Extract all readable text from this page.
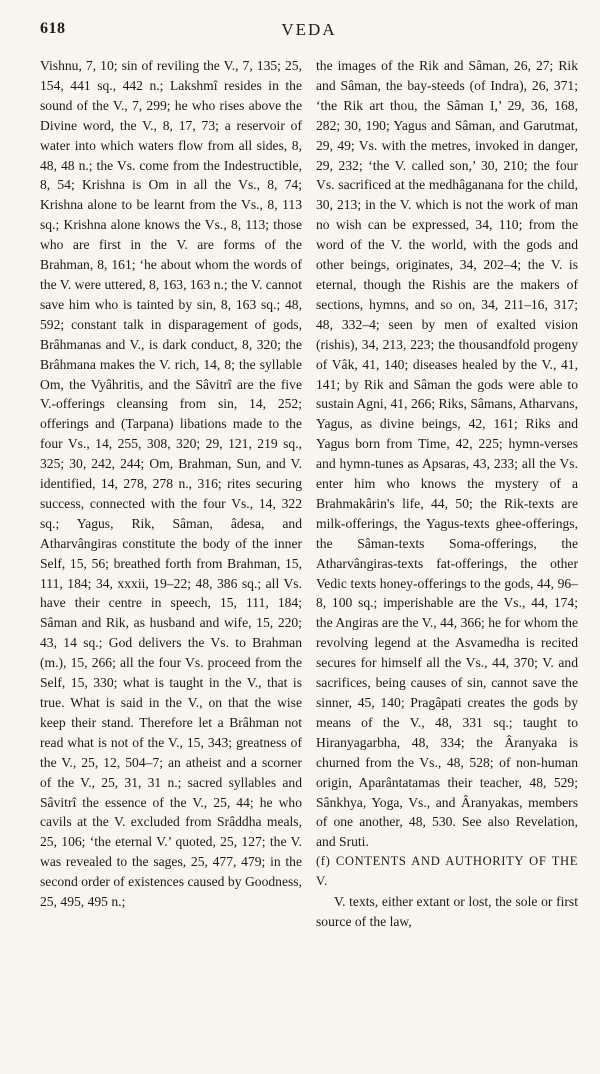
618	VEDA

Vishnu, 7, 10; sin of reviling the V., 7, 135; 25, 154, 441 sq., 442 n.; Lakshmî resides in the sound of the V., 7, 299; he who rises above the Divine word, the V., 8, 17, 73; a reservoir of water into which waters flow from all sides, 8, 48, 48 n.; the Vs. come from the Indestructible, 8, 54; Krishna is Om in all the Vs., 8, 74; Krishna alone to be learnt from the Vs., 8, 113 sq.; Krishna alone knows the Vs., 8, 113; those who are first in the V. are forms of the Brahman, 8, 161; ‘he about whom the words of the V. were uttered, 8, 163, 163 n.; the V. cannot save him who is tainted by sin, 8, 163 sq.; 48, 592; constant talk in disparagement of gods, Brâhmanas and V., is dark conduct, 8, 320; the Brâhmana makes the V. rich, 14, 8; the syllable Om, the Vyâhritis, and the Sâvitrî are the five V.-offerings cleansing from sin, 14, 252; offerings and (Tarpana) libations made to the four Vs., 14, 255, 308, 320; 29, 121, 219 sq., 325; 30, 242, 244; Om, Brahman, Sun, and V. identified, 14, 278, 278 n., 316; rites securing success, connected with the four Vs., 14, 322 sq.; Yagus, Rik, Sâman, âdesa, and Atharvângiras constitute the body of the inner Self, 15, 56; breathed forth from Brahman, 15, 111, 184; 34, xxxii, 19–22; 48, 386 sq.; all Vs. have their centre in speech, 15, 111, 184; Sâman and Rik, as husband and wife, 15, 220; 43, 14 sq.; God delivers the Vs. to Brahman (m.), 15, 266; all the four Vs. proceed from the Self, 15, 330; what is taught in the V., that is true. What is said in the V., on that the wise keep their stand. Therefore let a Brâhman not read what is not of the V., 15, 343; greatness of the V., 25, 12, 504–7; an atheist and a scorner of the V., 25, 31, 31 n.; sacred syllables and Sâvitrî the essence of the V., 25, 44; he who cavils at the V. excluded from Srâddha meals, 25, 106; ‘the eternal V.’ quoted, 25, 127; the V. was revealed to the sages, 25, 477, 479; in the second order of existences caused by Goodness, 25, 495, 495 n.;

the images of the Rik and Sâman, 26, 27; Rik and Sâman, the bay-steeds (of Indra), 26, 371; ‘the Rik art thou, the Sâman I,’ 29, 36, 168, 282; 30, 190; Yagus and Sâman, and Garutmat, 29, 49; Vs. with the metres, invoked in danger, 29, 232; ‘the V. called son,’ 30, 210; the four Vs. sacrificed at the medhâganana for the child, 30, 213; in the V. which is not the work of man no wish can be expressed, 34, 110; from the word of the V. the world, with the gods and other beings, originates, 34, 202–4; the V. is eternal, though the Rishis are the makers of sections, hymns, and so on, 34, 211–16, 317; 48, 332–4; seen by men of exalted vision (rishis), 34, 213, 223; the thousandfold progeny of Vâk, 41, 140; diseases healed by the V., 41, 141; by Rik and Sâman the gods were able to sustain Agni, 41, 266; Riks, Sâmans, Atharvans, Yagus, as divine beings, 42, 161; Riks and Yagus born from Time, 42, 225; hymn-verses and hymn-tunes as Apsaras, 43, 233; all the Vs. enter him who knows the mystery of a Brahmakârin's life, 44, 50; the Rik-texts are milk-offerings, the Yagus-texts ghee-offerings, the Sâman-texts Soma-offerings, the Atharvângiras-texts fat-offerings, the other Vedic texts honey-offerings to the gods, 44, 96–8, 100 sq.; imperishable are the Vs., 44, 174; the Angiras are the V., 44, 366; he for whom the revolving legend at the Asvamedha is recited secures for himself all the Vs., 44, 370; V. and sacrifices, being causes of sin, cannot save the sinner, 45, 140; Pragâpati creates the gods by means of the V., 48, 331 sq.; taught to Hiranyagarbha, 48, 334; the Âranyaka is churned from the Vs., 48, 528; of non-human origin, Aparântatamas their teacher, 48, 529; Sânkhya, Yoga, Vs., and Âranyakas, members of one another, 48, 530. See also Revelation, and Sruti.

(f) CONTENTS AND AUTHORITY OF THE V.

V. texts, either extant or lost, the sole or first source of the law,
